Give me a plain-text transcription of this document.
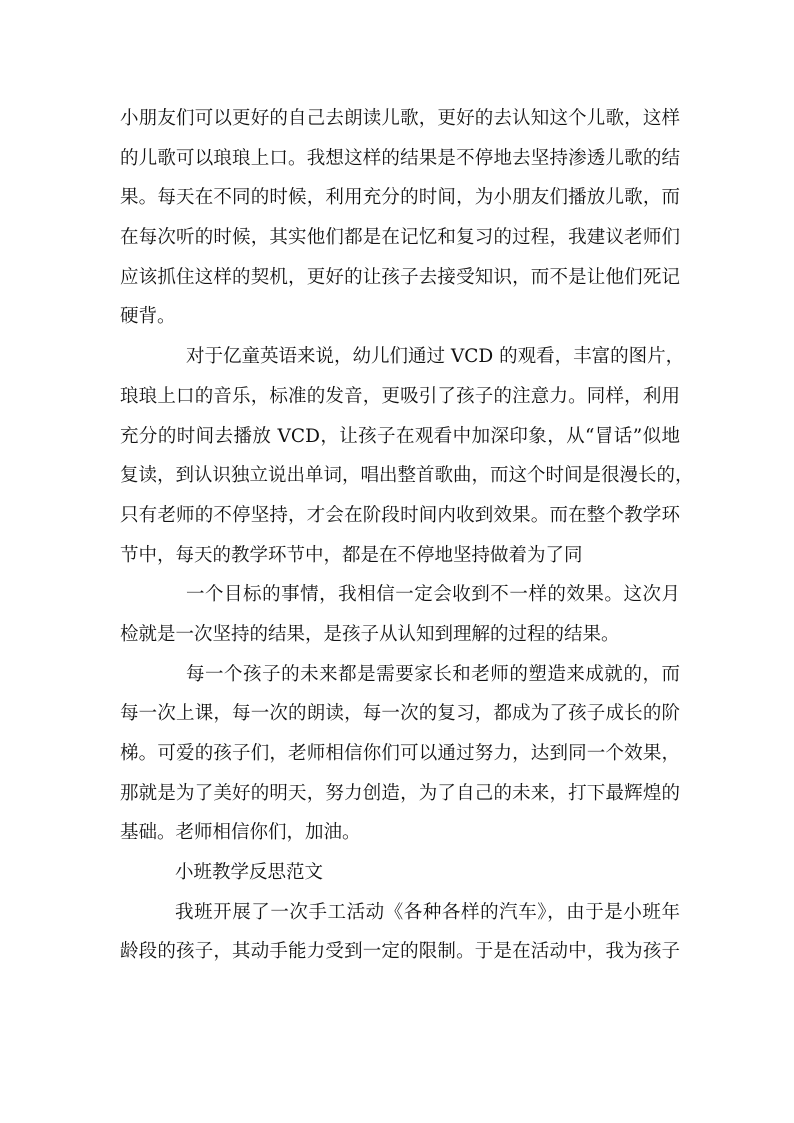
小朋友们可以更好的自己去朗读儿歌，更好的去认知这个儿歌，这样
的儿歌可以琅琅上口。我想这样的结果是不停地去坚持渗透儿歌的结
果。每天在不同的时候，利用充分的时间，为小朋友们播放儿歌，而
在每次听的时候，其实他们都是在记忆和复习的过程，我建议老师们
应该抓住这样的契机，更好的让孩子去接受知识，而不是让他们死记
硬背。
对于亿童英语来说，幼儿们通过 VCD 的观看，丰富的图片，
琅琅上口的音乐，标准的发音，更吸引了孩子的注意力。同样，利用
充分的时间去播放 VCD，让孩子在观看中加深印象，从“冒话”似地
复读，到认识独立说出单词，唱出整首歌曲，而这个时间是很漫长的，
只有老师的不停坚持，才会在阶段时间内收到效果。而在整个教学环
节中，每天的教学环节中，都是在不停地坚持做着为了同
一个目标的事情，我相信一定会收到不一样的效果。这次月
检就是一次坚持的结果，是孩子从认知到理解的过程的结果。
每一个孩子的未来都是需要家长和老师的塑造来成就的，而
每一次上课，每一次的朗读，每一次的复习，都成为了孩子成长的阶
梯。可爱的孩子们，老师相信你们可以通过努力，达到同一个效果，
那就是为了美好的明天，努力创造，为了自己的未来，打下最辉煌的
基础。老师相信你们，加油。
小班教学反思范文
我班开展了一次手工活动《各种各样的汽车》，由于是小班年
龄段的孩子，其动手能力受到一定的限制。于是在活动中，我为孩子
